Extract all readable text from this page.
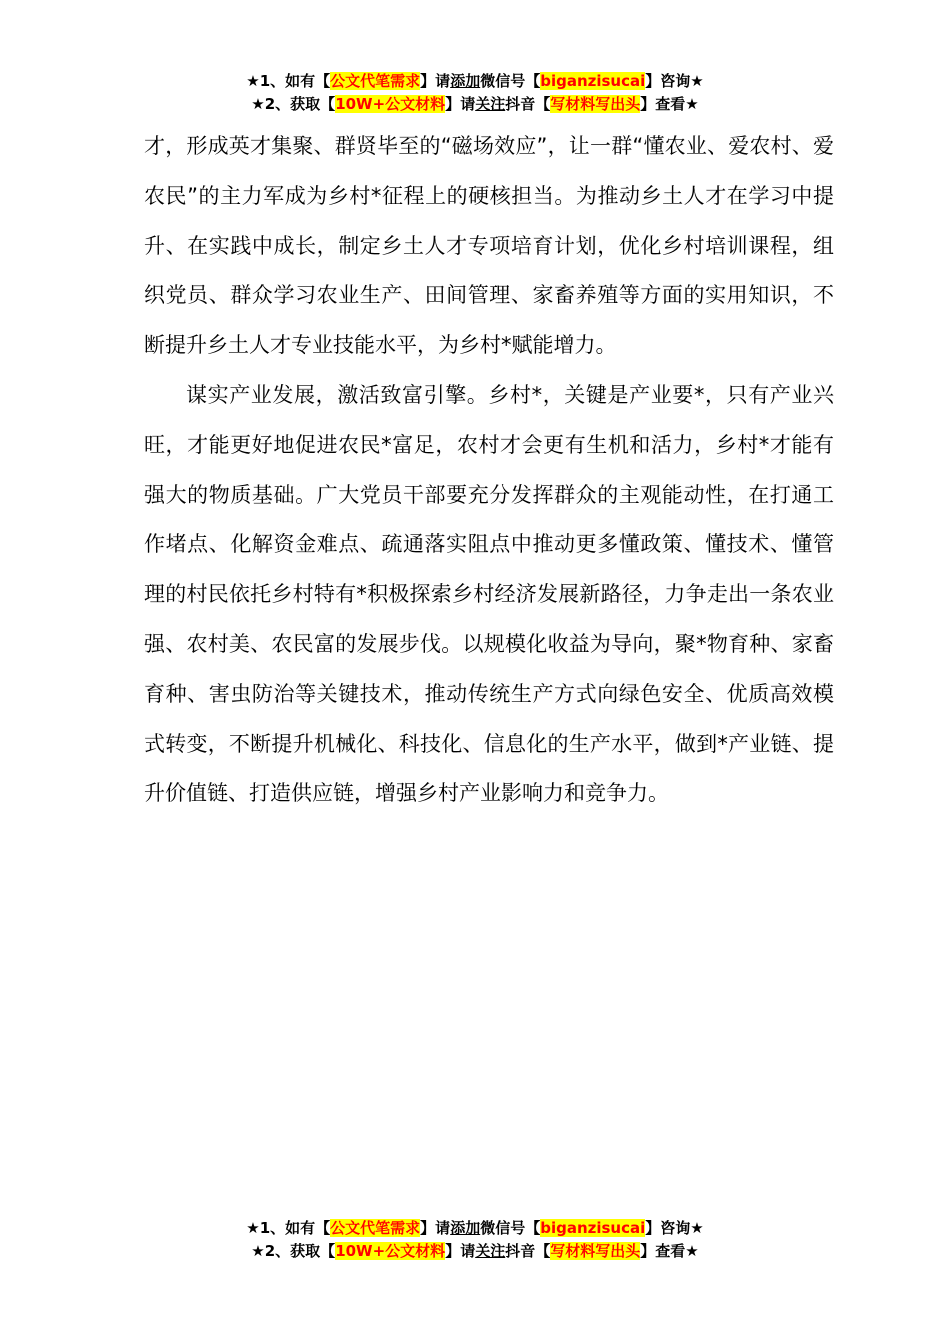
★1、如有【公文代笔需求】请添加微信号【biganzisucai】咨询★
★2、获取【10W+公文材料】请关注抖音【写材料写出头】查看★

才，形成英才集聚、群贤毕至的“磁场效应”，让一群“懂农业、爱农村、爱农民”的主力军成为乡村*征程上的硬核担当。为推动乡土人才在学习中提升、在实践中成长，制定乡土人才专项培育计划，优化乡村培训课程，组织党员、群众学习农业生产、田间管理、家畜养殖等方面的实用知识，不断提升乡土人才专业技能水平，为乡村*赋能增力。

谋实产业发展，激活致富引擎。乡村*，关键是产业要*，只有产业兴旺，才能更好地促进农民*富足，农村才会更有生机和活力，乡村*才能有强大的物质基础。广大党员干部要充分发挥群众的主观能动性，在打通工作堵点、化解资金难点、疏通落实阻点中推动更多懂政策、懂技术、懂管理的村民依托乡村特有*积极探索乡村经济发展新路径，力争走出一条农业强、农村美、农民富的发展步伐。以规模化收益为导向，聚*物育种、家畜育种、害虫防治等关键技术，推动传统生产方式向绿色安全、优质高效模式转变，不断提升机械化、科技化、信息化的生产水平，做到*产业链、提升价值链、打造供应链，增强乡村产业影响力和竞争力。

★1、如有【公文代笔需求】请添加微信号【biganzisucai】咨询★
★2、获取【10W+公文材料】请关注抖音【写材料写出头】查看★
